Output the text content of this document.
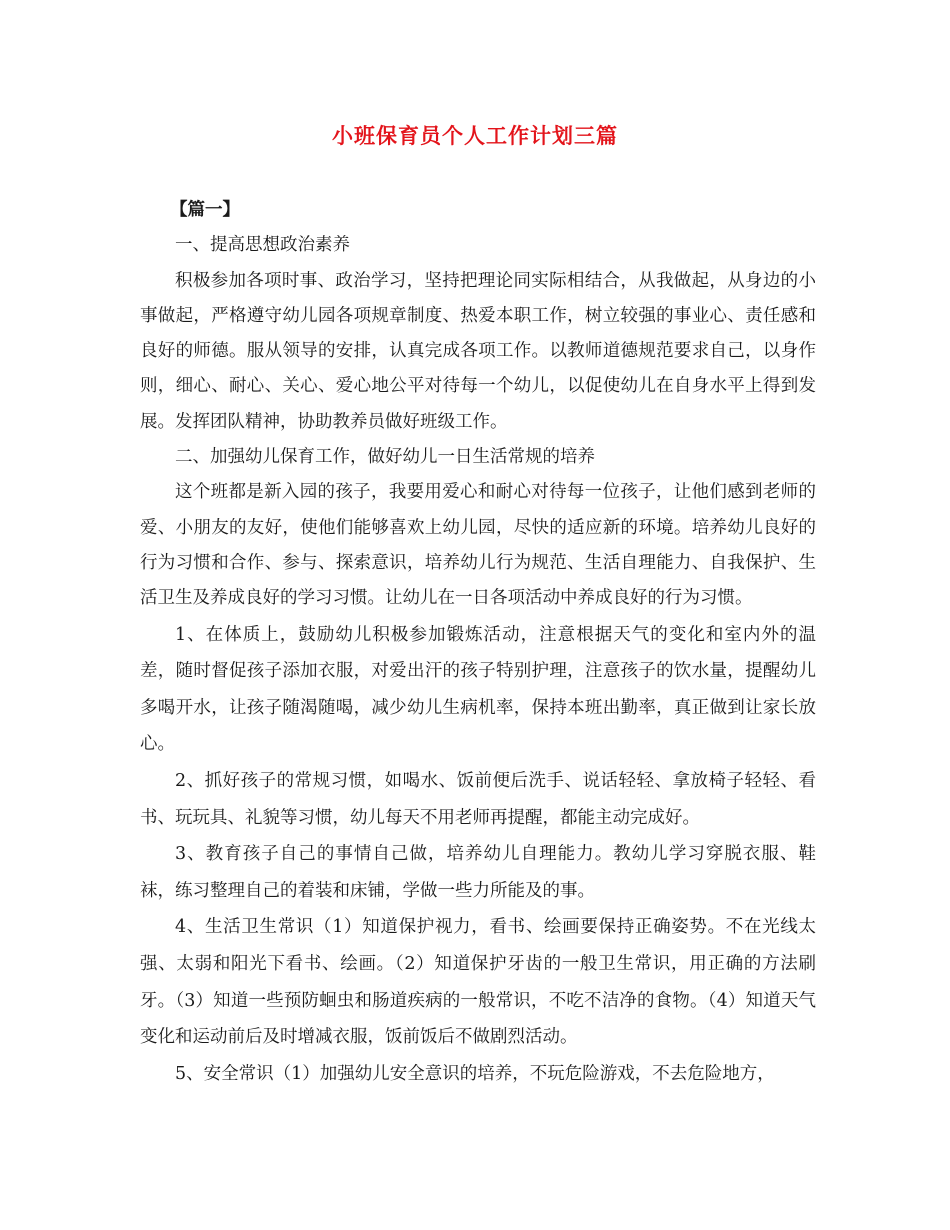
小班保育员个人工作计划三篇

【篇一】

一、提高思想政治素养

积极参加各项时事、政治学习，坚持把理论同实际相结合，从我做起，从身边的小事做起，严格遵守幼儿园各项规章制度、热爱本职工作，树立较强的事业心、责任感和良好的师德。服从领导的安排，认真完成各项工作。以教师道德规范要求自己，以身作则，细心、耐心、关心、爱心地公平对待每一个幼儿，以促使幼儿在自身水平上得到发展。发挥团队精神，协助教养员做好班级工作。

二、加强幼儿保育工作，做好幼儿一日生活常规的培养

这个班都是新入园的孩子，我要用爱心和耐心对待每一位孩子，让他们感到老师的爱、小朋友的友好，使他们能够喜欢上幼儿园，尽快的适应新的环境。培养幼儿良好的行为习惯和合作、参与、探索意识，培养幼儿行为规范、生活自理能力、自我保护、生活卫生及养成良好的学习习惯。让幼儿在一日各项活动中养成良好的行为习惯。

1、在体质上，鼓励幼儿积极参加锻炼活动，注意根据天气的变化和室内外的温差，随时督促孩子添加衣服，对爱出汗的孩子特别护理，注意孩子的饮水量，提醒幼儿多喝开水，让孩子随渴随喝，减少幼儿生病机率，保持本班出勤率，真正做到让家长放心。

2、抓好孩子的常规习惯，如喝水、饭前便后洗手、说话轻轻、拿放椅子轻轻、看书、玩玩具、礼貌等习惯，幼儿每天不用老师再提醒，都能主动完成好。

3、教育孩子自己的事情自己做，培养幼儿自理能力。教幼儿学习穿脱衣服、鞋袜，练习整理自己的着装和床铺，学做一些力所能及的事。

4、生活卫生常识（1）知道保护视力，看书、绘画要保持正确姿势。不在光线太强、太弱和阳光下看书、绘画。（2）知道保护牙齿的一般卫生常识，用正确的方法刷牙。（3）知道一些预防蛔虫和肠道疾病的一般常识，不吃不洁净的食物。（4）知道天气变化和运动前后及时增减衣服，饭前饭后不做剧烈活动。

5、安全常识（1）加强幼儿安全意识的培养，不玩危险游戏，不去危险地方，
